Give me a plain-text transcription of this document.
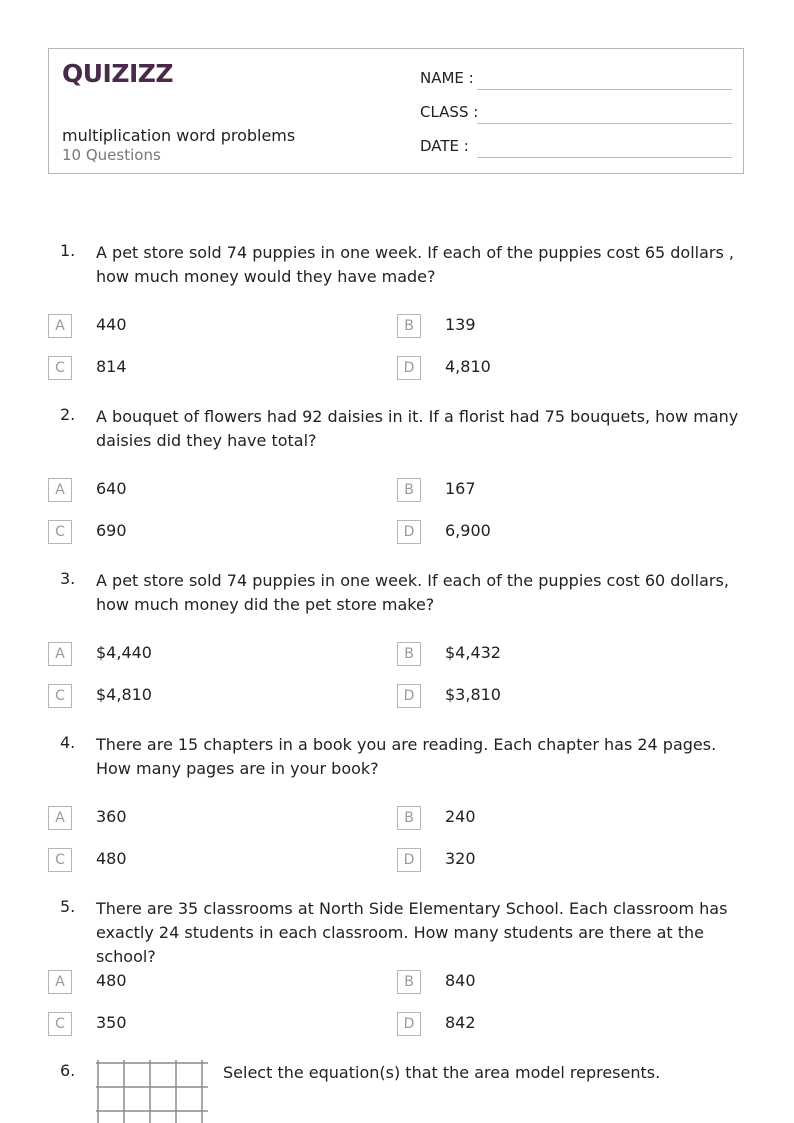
QUIZIZZ
multiplication word problems
10 Questions
NAME :
CLASS :
DATE :
1. A pet store sold 74 puppies in one week. If each of the puppies cost 65 dollars , how much money would they have made?
A	440	B	139
C	814	D	4,810
2. A bouquet of flowers had 92 daisies in it. If a florist had 75 bouquets, how many daisies did they have total?
A	640	B	167
C	690	D	6,900
3. A pet store sold 74 puppies in one week. If each of the puppies cost 60 dollars, how much money did the pet store make?
A	$4,440	B	$4,432
C	$4,810	D	$3,810
4. There are 15 chapters in a book you are reading. Each chapter has 24 pages. How many pages are in your book?
A	360	B	240
C	480	D	320
5. There are 35 classrooms at North Side Elementary School. Each classroom has exactly 24 students in each classroom. How many students are there at the school?
A	480	B	840
C	350	D	842
6.	Select the equation(s) that the area model represents.
